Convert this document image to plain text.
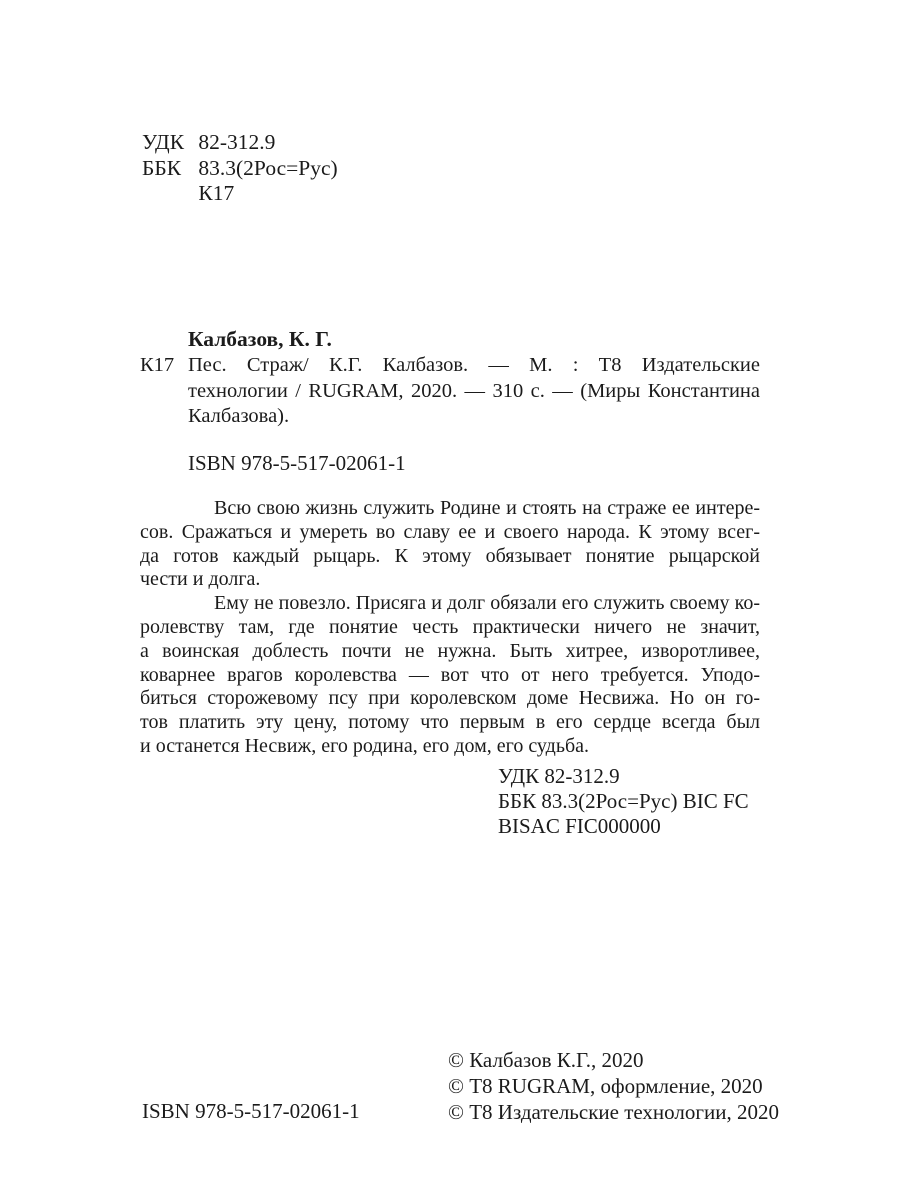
УДК 82-312.9
ББК 83.3(2Рос=Рус)
К17
Калбазов, К. Г.
К17 Пес. Страж/ К.Г. Калбазов. — М. : Т8 Издательские
технологии / RUGRAM, 2020. — 310 с. — (Миры Константина
Калбазова).
ISBN 978-5-517-02061-1
Всю свою жизнь служить Родине и стоять на страже ее интере-
сов. Сражаться и умереть во славу ее и своего народа. К этому всег-
да готов каждый рыцарь. К этому обязывает понятие рыцарской
чести и долга.
Ему не повезло. Присяга и долг обязали его служить своему ко-
ролевству там, где понятие честь практически ничего не значит,
а воинская доблесть почти не нужна. Быть хитрее, изворотливее,
коварнее врагов королевства — вот что от него требуется. Уподо-
биться сторожевому псу при королевском доме Несвижа. Но он го-
тов платить эту цену, потому что первым в его сердце всегда был
и останется Несвиж, его родина, его дом, его судьба.
УДК 82-312.9
ББК 83.3(2Рос=Рус) BIC FC
BISAC FIC000000
ISBN 978-5-517-02061-1
© Калбазов К.Г., 2020
© Т8 RUGRAM, оформление, 2020
© Т8 Издательские технологии, 2020
